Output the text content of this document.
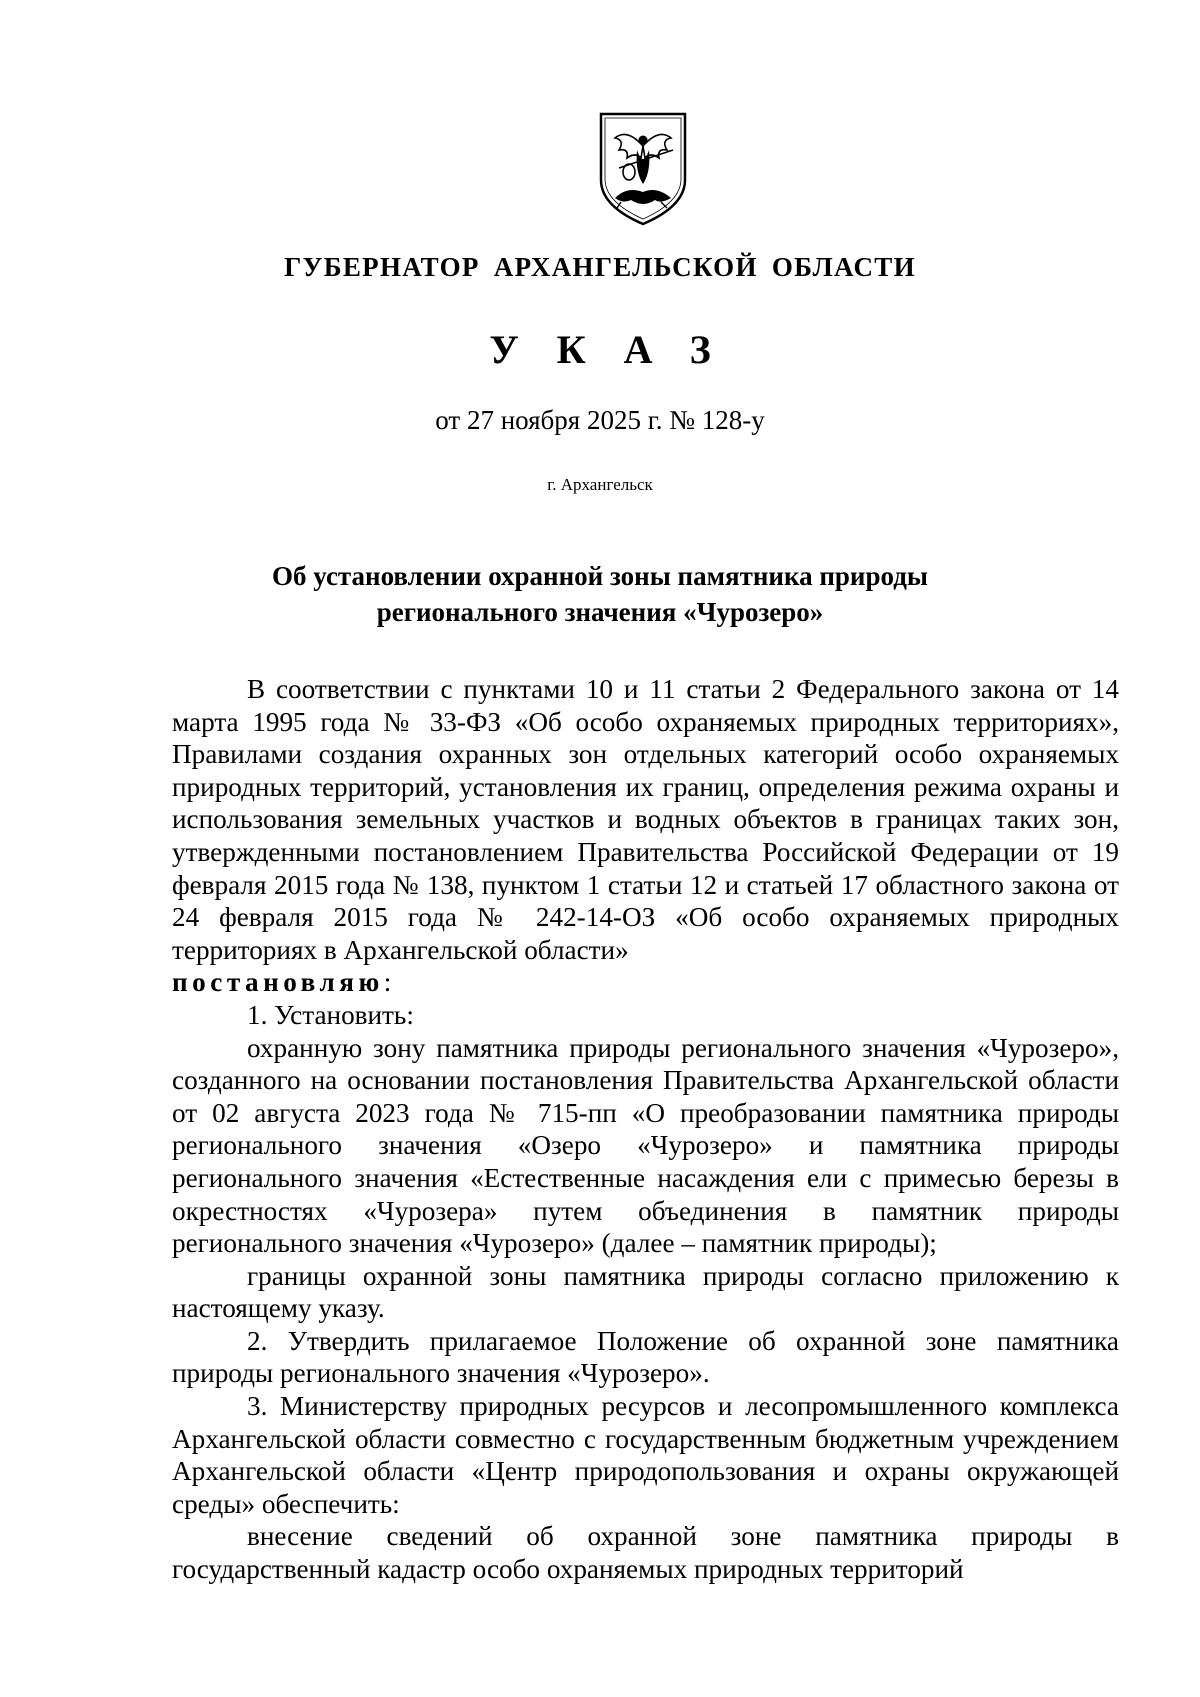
ГУБЕРНАТОР АРХАНГЕЛЬСКОЙ ОБЛАСТИ
УКАЗ
от 27 ноября 2025 г. № 128-у
г. Архангельск
Об установлении охранной зоны памятника природы
регионального значения «Чурозеро»

В соответствии с пунктами 10 и 11 статьи 2 Федерального закона от 14 марта 1995 года № 33-ФЗ «Об особо охраняемых природных территориях», Правилами создания охранных зон отдельных категорий особо охраняемых природных территорий, установления их границ, определения режима охраны и использования земельных участков и водных объектов в границах таких зон, утвержденными постановлением Правительства Российской Федерации от 19 февраля 2015 года № 138, пунктом 1 статьи 12 и статьей 17 областного закона от 24 февраля 2015 года № 242-14-ОЗ «Об особо охраняемых природных территориях в Архангельской области»

постановляю:

1. Установить:

охранную зону памятника природы регионального значения «Чурозеро», созданного на основании постановления Правительства Архангельской области от 02 августа 2023 года № 715-пп «О преобразовании памятника природы регионального значения «Озеро «Чурозеро» и памятника природы регионального значения «Естественные насаждения ели с примесью березы в окрестностях «Чурозера» путем объединения в памятник природы регионального значения «Чурозеро» (далее – памятник природы);

границы охранной зоны памятника природы согласно приложению к настоящему указу.

2. Утвердить прилагаемое Положение об охранной зоне памятника природы регионального значения «Чурозеро».

3. Министерству природных ресурсов и лесопромышленного комплекса Архангельской области совместно с государственным бюджетным учреждением Архангельской области «Центр природопользования и охраны окружающей среды» обеспечить:

внесение сведений об охранной зоне памятника природы в государственный кадастр особо охраняемых природных территорий
